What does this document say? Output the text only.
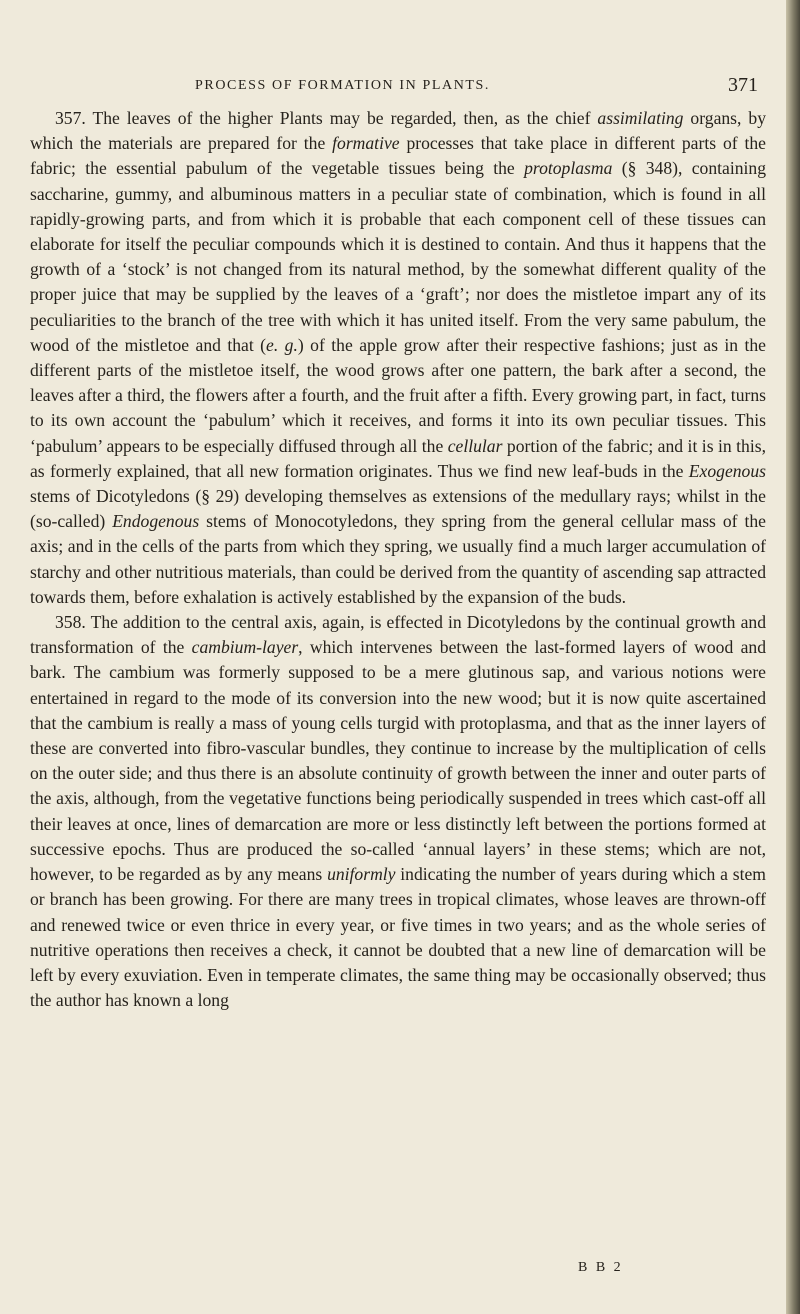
PROCESS OF FORMATION IN PLANTS.	371

357. The leaves of the higher Plants may be regarded, then, as the chief assimilating organs, by which the materials are prepared for the formative processes that take place in different parts of the fabric; the essential pabulum of the vegetable tissues being the protoplasma (§ 348), containing saccharine, gummy, and albuminous matters in a peculiar state of combination, which is found in all rapidly-growing parts, and from which it is probable that each component cell of these tissues can elaborate for itself the peculiar compounds which it is destined to contain. And thus it happens that the growth of a ‘stock’ is not changed from its natural method, by the somewhat different quality of the proper juice that may be supplied by the leaves of a ‘graft’; nor does the mistletoe impart any of its peculiarities to the branch of the tree with which it has united itself. From the very same pabulum, the wood of the mistletoe and that (e. g.) of the apple grow after their respective fashions; just as in the different parts of the mistletoe itself, the wood grows after one pattern, the bark after a second, the leaves after a third, the flowers after a fourth, and the fruit after a fifth. Every growing part, in fact, turns to its own account the ‘pabulum’ which it receives, and forms it into its own peculiar tissues. This ‘pabulum’ appears to be especially diffused through all the cellular portion of the fabric; and it is in this, as formerly explained, that all new formation originates. Thus we find new leaf-buds in the Exogenous stems of Dicotyledons (§ 29) developing themselves as extensions of the medullary rays; whilst in the (so-called) Endogenous stems of Monocotyledons, they spring from the general cellular mass of the axis; and in the cells of the parts from which they spring, we usually find a much larger accumulation of starchy and other nutritious materials, than could be derived from the quantity of ascending sap attracted towards them, before exhalation is actively established by the expansion of the buds.

358. The addition to the central axis, again, is effected in Dicotyledons by the continual growth and transformation of the cambium-layer, which intervenes between the last-formed layers of wood and bark. The cambium was formerly supposed to be a mere glutinous sap, and various notions were entertained in regard to the mode of its conversion into the new wood; but it is now quite ascertained that the cambium is really a mass of young cells turgid with protoplasma, and that as the inner layers of these are converted into fibro-vascular bundles, they continue to increase by the multiplication of cells on the outer side; and thus there is an absolute continuity of growth between the inner and outer parts of the axis, although, from the vegetative functions being periodically suspended in trees which cast-off all their leaves at once, lines of demarcation are more or less distinctly left between the portions formed at successive epochs. Thus are produced the so-called ‘annual layers’ in these stems; which are not, however, to be regarded as by any means uniformly indicating the number of years during which a stem or branch has been growing. For there are many trees in tropical climates, whose leaves are thrown-off and renewed twice or even thrice in every year, or five times in two years; and as the whole series of nutritive operations then receives a check, it cannot be doubted that a new line of demarcation will be left by every exuviation. Even in temperate climates, the same thing may be occasionally observed; thus the author has known a long

B B 2
